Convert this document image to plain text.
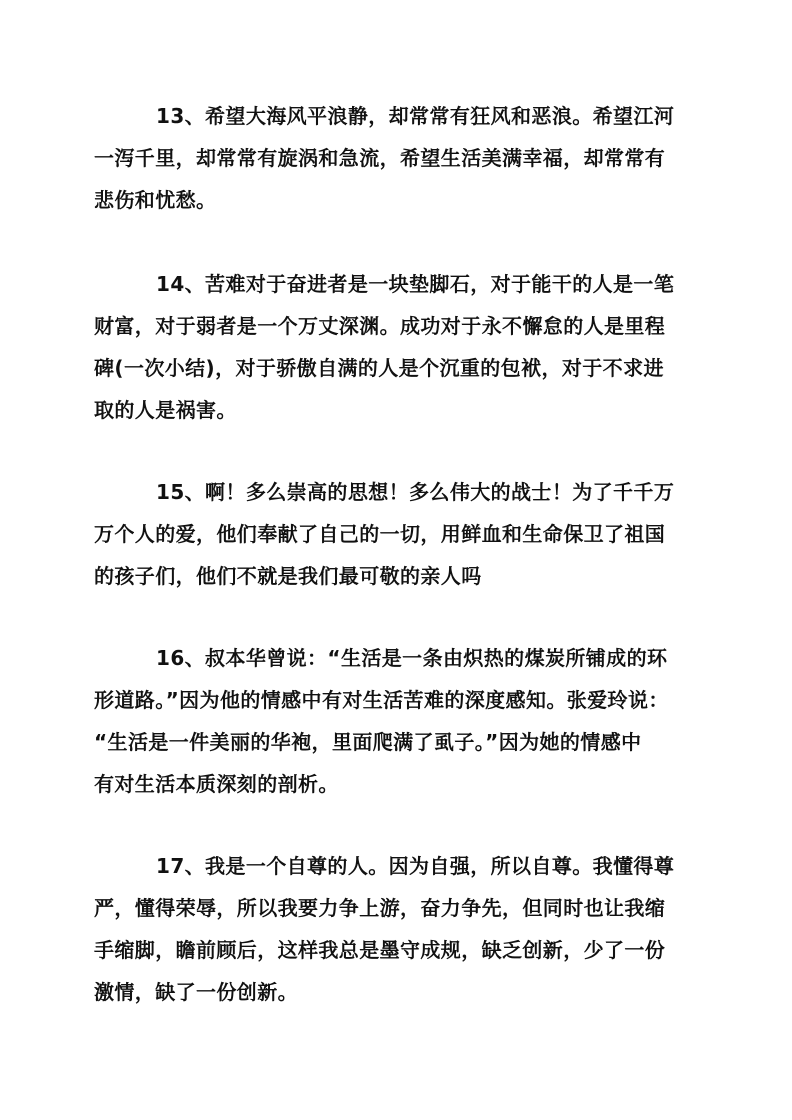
13、希望大海风平浪静，却常常有狂风和恶浪。希望江河
一泻千里，却常常有旋涡和急流，希望生活美满幸福，却常常有
悲伤和忧愁。

14、苦难对于奋进者是一块垫脚石，对于能干的人是一笔
财富，对于弱者是一个万丈深渊。成功对于永不懈怠的人是里程
碑(一次小结)，对于骄傲自满的人是个沉重的包袱，对于不求进
取的人是祸害。

15、啊！多么崇高的思想！多么伟大的战士！为了千千万
万个人的爱，他们奉献了自己的一切，用鲜血和生命保卫了祖国
的孩子们，他们不就是我们最可敬的亲人吗

16、叔本华曾说：“生活是一条由炽热的煤炭所铺成的环
形道路。”因为他的情感中有对生活苦难的深度感知。张爱玲说：
“生活是一件美丽的华袍，里面爬满了虱子。”因为她的情感中
有对生活本质深刻的剖析。

17、我是一个自尊的人。因为自强，所以自尊。我懂得尊
严，懂得荣辱，所以我要力争上游，奋力争先，但同时也让我缩
手缩脚，瞻前顾后，这样我总是墨守成规，缺乏创新，少了一份
激情，缺了一份创新。
